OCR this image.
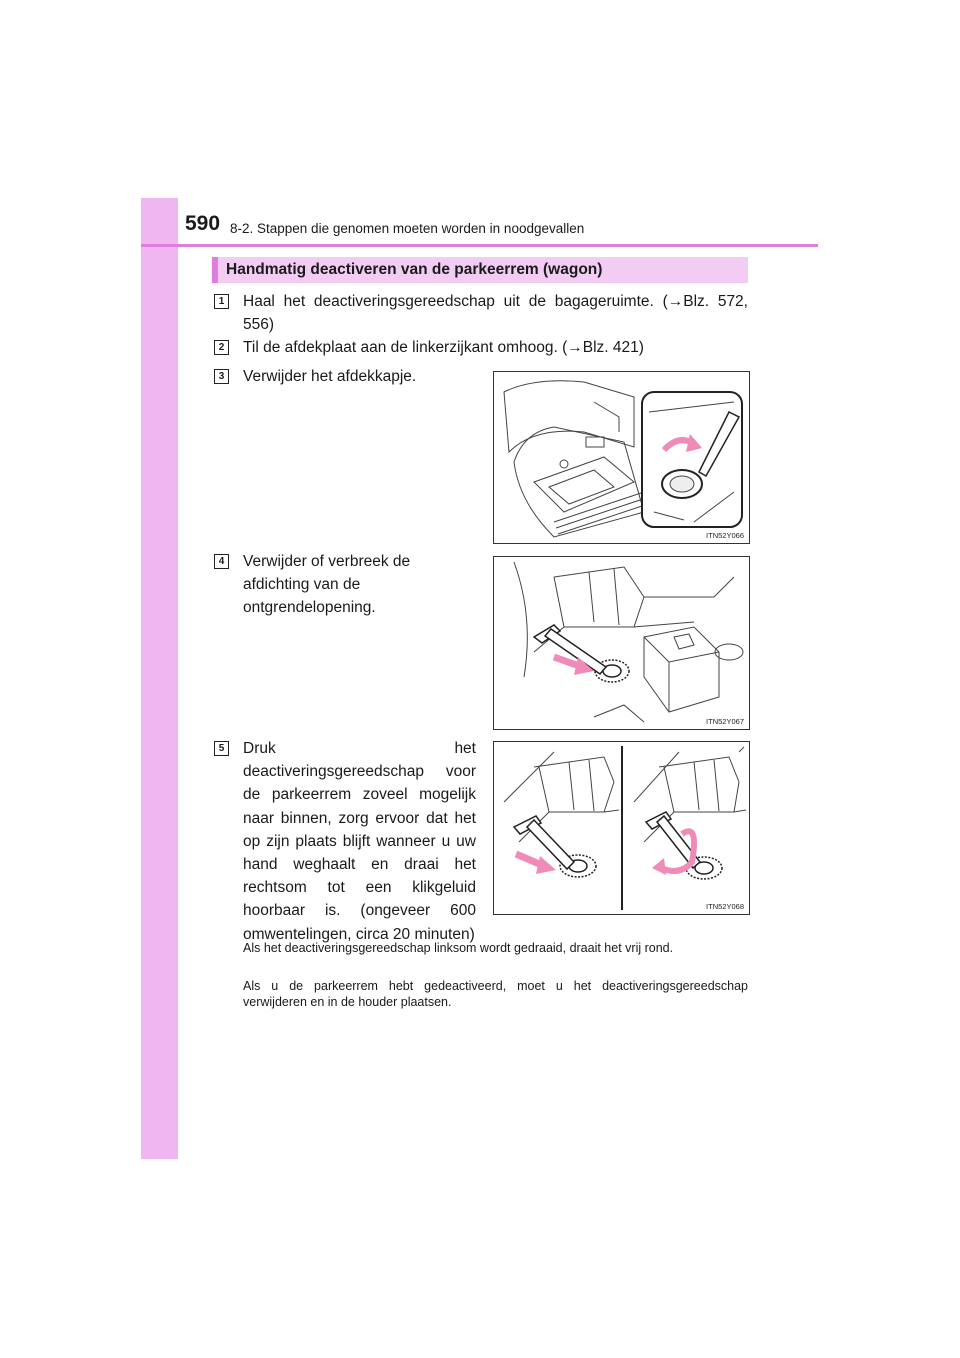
590 8-2. Stappen die genomen moeten worden in noodgevallen
Handmatig deactiveren van de parkeerrem (wagon)
1	Haal het deactiveringsgereedschap uit de bagageruimte. (→Blz. 572, 556)
2	Til de afdekplaat aan de linkerzijkant omhoog. (→Blz. 421)
3	Verwijder het afdekkapje.
ITN52Y066
4	Verwijder of verbreek de afdichting van de ontgrendelopening.
ITN52Y067
5	Druk het deactiveringsgereedschap voor de parkeerrem zoveel mogelijk naar binnen, zorg ervoor dat het op zijn plaats blijft wanneer u uw hand weghaalt en draai het rechtsom tot een klikgeluid hoorbaar is. (ongeveer 600 omwentelingen, circa 20 minuten)
ITN52Y068
Als het deactiveringsgereedschap linksom wordt gedraaid, draait het vrij rond.
Als u de parkeerrem hebt gedeactiveerd, moet u het deactiveringsgereedschap verwijderen en in de houder plaatsen.
